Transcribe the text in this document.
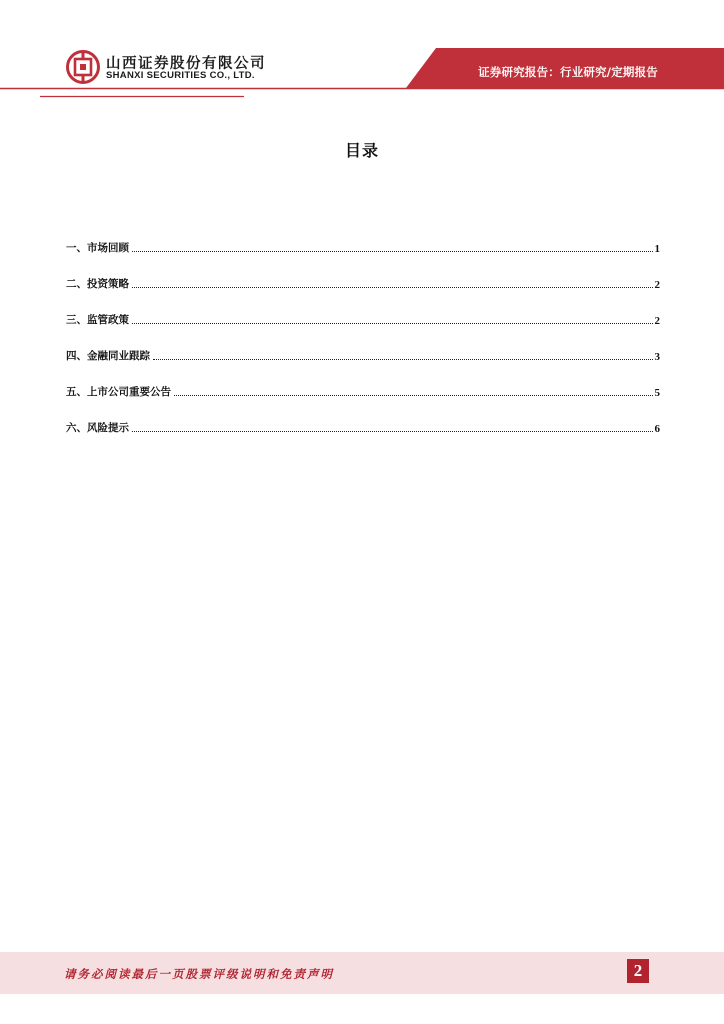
山西证券股份有限公司
SHANXI SECURITIES CO., LTD.	证券研究报告：行业研究/定期报告
目录
一、市场回顾	1
二、投资策略	2
三、监管政策	2
四、金融同业跟踪	3
五、上市公司重要公告	5
六、风险提示	6
请务必阅读最后一页股票评级说明和免责声明	2
